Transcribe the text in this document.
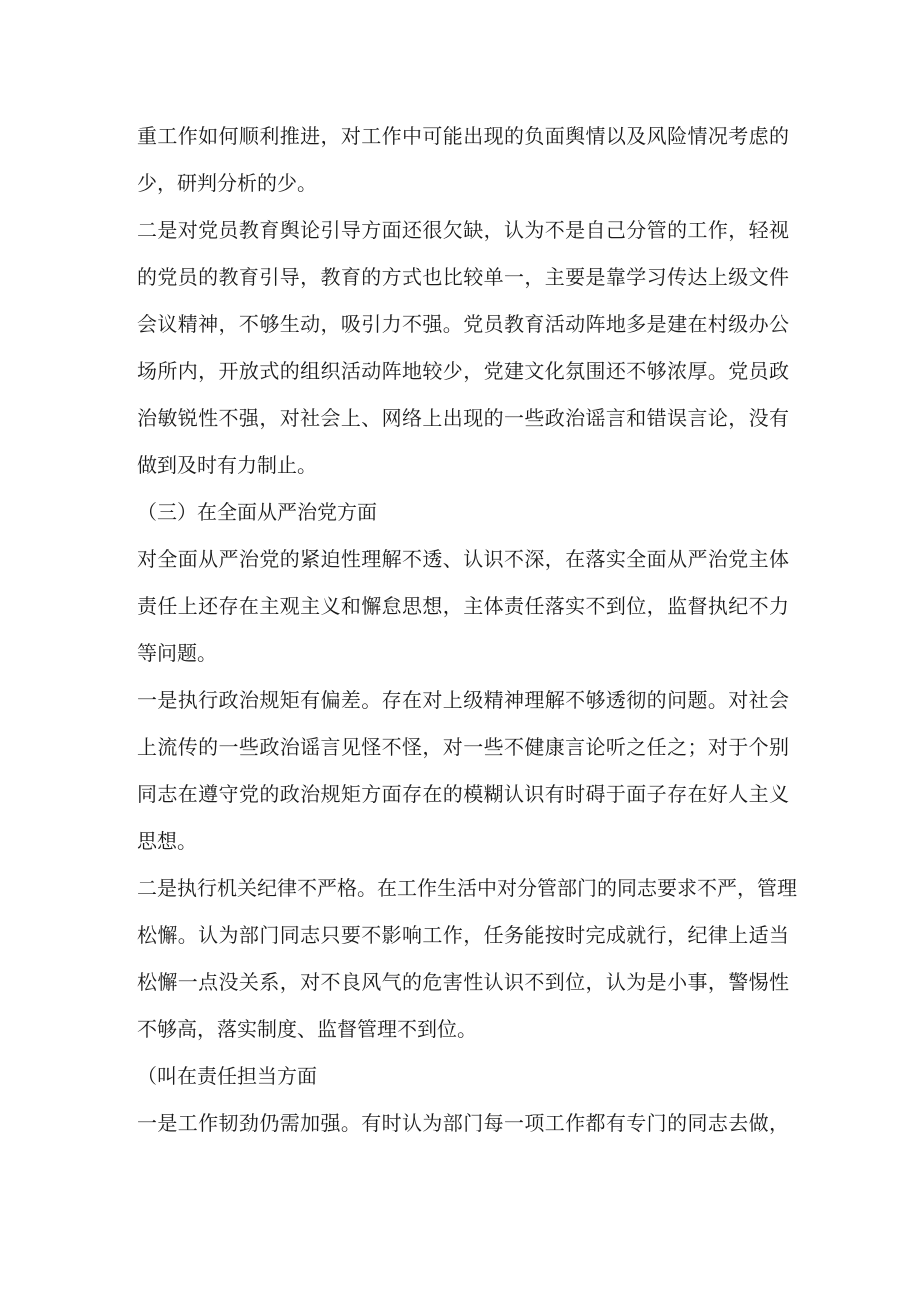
重工作如何顺利推进，对工作中可能出现的负面舆情以及风险情况考虑的
少，研判分析的少。
二是对党员教育舆论引导方面还很欠缺，认为不是自己分管的工作，轻视
的党员的教育引导，教育的方式也比较单一，主要是靠学习传达上级文件
会议精神，不够生动，吸引力不强。党员教育活动阵地多是建在村级办公
场所内，开放式的组织活动阵地较少，党建文化氛围还不够浓厚。党员政
治敏锐性不强，对社会上、网络上出现的一些政治谣言和错误言论，没有
做到及时有力制止。
（三）在全面从严治党方面
对全面从严治党的紧迫性理解不透、认识不深，在落实全面从严治党主体
责任上还存在主观主义和懈怠思想，主体责任落实不到位，监督执纪不力
等问题。
一是执行政治规矩有偏差。存在对上级精神理解不够透彻的问题。对社会
上流传的一些政治谣言见怪不怪，对一些不健康言论听之任之；对于个别
同志在遵守党的政治规矩方面存在的模糊认识有时碍于面子存在好人主义
思想。
二是执行机关纪律不严格。在工作生活中对分管部门的同志要求不严，管理
松懈。认为部门同志只要不影响工作，任务能按时完成就行，纪律上适当
松懈一点没关系，对不良风气的危害性认识不到位，认为是小事，警惕性
不够高，落实制度、监督管理不到位。
（叫在责任担当方面
一是工作韧劲仍需加强。有时认为部门每一项工作都有专门的同志去做，
